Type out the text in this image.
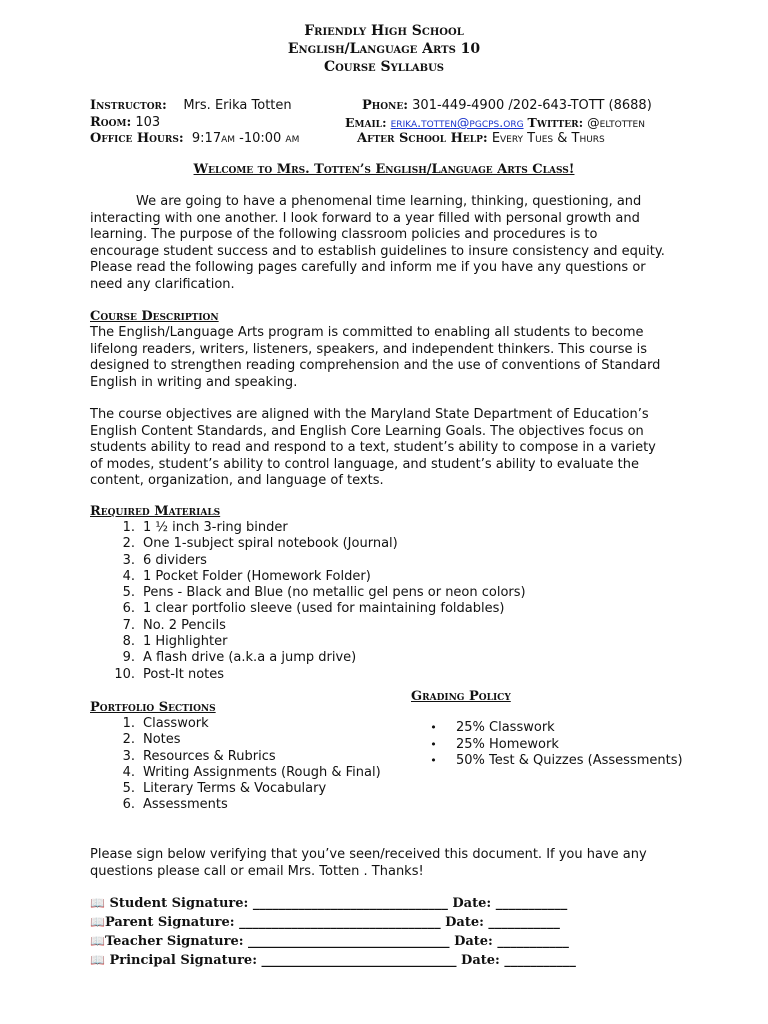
Friendly High School
English/Language Arts 10
Course Syllabus
Instructor: Mrs. Erika Totten
Room: 103
Office Hours: 9:17am -10:00 am
Phone: 301-449-4900 /202-643-TOTT (8688)
Email: erika.totten@pgcps.org Twitter: @eltotten
After School Help: Every Tues & Thurs
Welcome to Mrs. Totten’s English/Language Arts Class!

We are going to have a phenomenal time learning, thinking, questioning, and interacting with one another. I look forward to a year filled with personal growth and learning. The purpose of the following classroom policies and procedures is to encourage student success and to establish guidelines to insure consistency and equity. Please read the following pages carefully and inform me if you have any questions or need any clarification.

Course Description

The English/Language Arts program is committed to enabling all students to become lifelong readers, writers, listeners, speakers, and independent thinkers. This course is designed to strengthen reading comprehension and the use of conventions of Standard English in writing and speaking.

The course objectives are aligned with the Maryland State Department of Education’s English Content Standards, and English Core Learning Goals. The objectives focus on students ability to read and respond to a text, student’s ability to compose in a variety of modes, student’s ability to control language, and student’s ability to evaluate the content, organization, and language of texts.

Required Materials
1. 1 ½ inch 3-ring binder
2. One 1-subject spiral notebook (Journal)
3. 6 dividers
4. 1 Pocket Folder (Homework Folder)
5. Pens - Black and Blue (no metallic gel pens or neon colors)
6. 1 clear portfolio sleeve (used for maintaining foldables)
7. No. 2 Pencils
8. 1 Highlighter
9. A flash drive (a.k.a a jump drive)
10. Post-It notes
Portfolio Sections
1. Classwork
2. Notes
3. Resources & Rubrics
4. Writing Assignments (Rough & Final)
5. Literary Terms & Vocabulary
6. Assessments
Grading Policy
•	25% Classwork
•	25% Homework
•	50% Test & Quizzes (Assessments)

Please sign below verifying that you’ve seen/received this document. If you have any questions please call or email Mrs. Totten . Thanks!

📖 Student Signature: ______________________________ Date: ___________
📖Parent Signature: _______________________________ Date: ___________
📖Teacher Signature: _______________________________ Date: ___________
📖 Principal Signature: ______________________________ Date: ___________
